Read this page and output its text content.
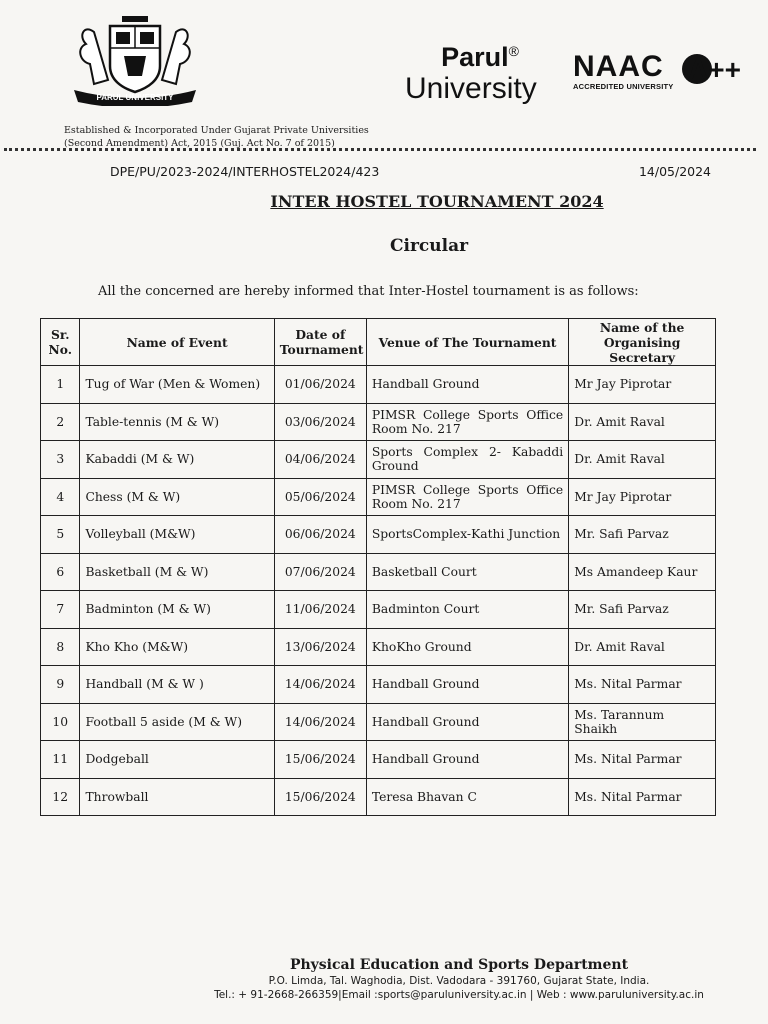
PARUL UNIVERSITY
Parul®
University
NAAC A++
ACCREDITED UNIVERSITY
Established & Incorporated Under Gujarat Private Universities
(Second Amendment) Act, 2015 (Guj. Act No. 7 of 2015)
DPE/PU/2023-2024/INTERHOSTEL2024/423	14/05/2024
INTER HOSTEL TOURNAMENT 2024
Circular
All the concerned are hereby informed that Inter-Hostel tournament is as follows:
Sr. No.	Name of Event	Date of Tournament	Venue of The Tournament	Name of the Organising Secretary
1	Tug of War (Men & Women)	01/06/2024	Handball Ground	Mr Jay Piprotar
2	Table-tennis (M & W)	03/06/2024	PIMSR College Sports Office Room No. 217	Dr. Amit Raval
3	Kabaddi (M & W)	04/06/2024	Sports Complex 2- Kabaddi Ground	Dr. Amit Raval
4	Chess (M & W)	05/06/2024	PIMSR College Sports Office Room No. 217	Mr Jay Piprotar
5	Volleyball (M&W)	06/06/2024	SportsComplex-Kathi Junction	Mr. Safi Parvaz
6	Basketball (M & W)	07/06/2024	Basketball Court	Ms Amandeep Kaur
7	Badminton (M & W)	11/06/2024	Badminton Court	Mr. Safi Parvaz
8	Kho Kho (M&W)	13/06/2024	KhoKho Ground	Dr. Amit Raval
9	Handball (M & W )	14/06/2024	Handball Ground	Ms. Nital Parmar
10	Football 5 aside (M & W)	14/06/2024	Handball Ground	Ms. Tarannum Shaikh
11	Dodgeball	15/06/2024	Handball Ground	Ms. Nital Parmar
12	Throwball	15/06/2024	Teresa Bhavan C	Ms. Nital Parmar
Physical Education and Sports Department
P.O. Limda, Tal. Waghodia, Dist. Vadodara - 391760, Gujarat State, India.
Tel.: + 91-2668-266359|Email :sports@paruluniversity.ac.in | Web : www.paruluniversity.ac.in
